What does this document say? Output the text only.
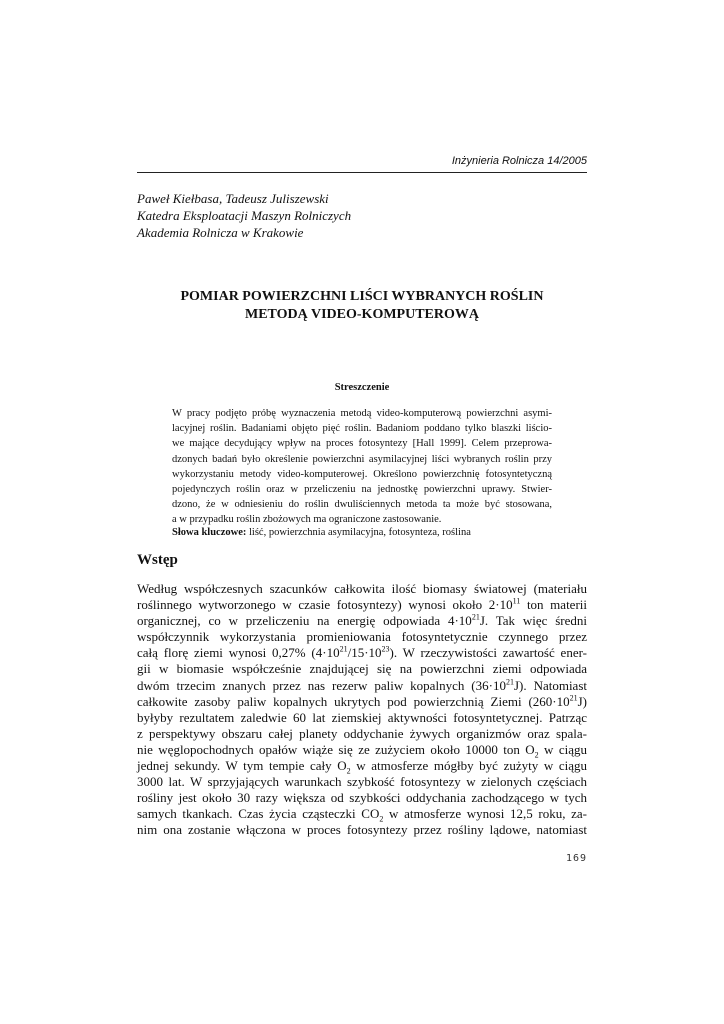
Inżynieria Rolnicza 14/2005
Paweł Kiełbasa, Tadeusz Juliszewski
Katedra Eksploatacji Maszyn Rolniczych
Akademia Rolnicza w Krakowie
POMIAR POWIERZCHNI LIŚCI WYBRANYCH ROŚLIN
METODĄ VIDEO-KOMPUTEROWĄ
Streszczenie
W pracy podjęto próbę wyznaczenia metodą video-komputerową powierzchni asymi-
lacyjnej roślin. Badaniami objęto pięć roślin. Badaniom poddano tylko blaszki liścio-
we mające decydujący wpływ na proces fotosyntezy [Hall 1999]. Celem przeprowa-
dzonych badań było określenie powierzchni asymilacyjnej liści wybranych roślin przy
wykorzystaniu metody video-komputerowej. Określono powierzchnię fotosyntetyczną
pojedynczych roślin oraz w przeliczeniu na jednostkę powierzchni uprawy. Stwier-
dzono, że w odniesieniu do roślin dwuliściennych metoda ta może być stosowana,
a w przypadku roślin zbożowych ma ograniczone zastosowanie.
Słowa kluczowe: liść, powierzchnia asymilacyjna, fotosynteza, roślina
Wstęp
Według współczesnych szacunków całkowita ilość biomasy światowej (materiału
roślinnego wytworzonego w czasie fotosyntezy) wynosi około $2\cdot 10^{11}$ ton materii
organicznej, co w przeliczeniu na energię odpowiada $4\cdot 10^{21}J$. Tak więc średni
współczynnik wykorzystania promieniowania fotosyntetycznie czynnego przez
całą florę ziemi wynosi 0,27% $(4\cdot 10^{21}/15\cdot 10^{23})$. W rzeczywistości zawartość ener-
gii w biomasie współcześnie znajdującej się na powierzchni ziemi odpowiada
dwóm trzecim znanych przez nas rezerw paliw kopalnych $(36\cdot 10^{21}J)$. Natomiast
całkowite zasoby paliw kopalnych ukrytych pod powierzchnią Ziemi $(260\cdot 10^{21}J)$
byłyby rezultatem zaledwie 60 lat ziemskiej aktywności fotosyntetycznej. Patrząc
z perspektywy obszaru całej planety oddychanie żywych organizmów oraz spala-
nie węglopochodnych opałów wiąże się ze zużyciem około 10000 ton $O_2$ w ciągu
jednej sekundy. W tym tempie cały $O_2$ w atmosferze mógłby być zużyty w ciągu
3000 lat. W sprzyjających warunkach szybkość fotosyntezy w zielonych częściach
rośliny jest około 30 razy większa od szybkości oddychania zachodzącego w tych
samych tkankach. Czas życia cząsteczki $CO_2$ w atmosferze wynosi 12,5 roku, za-
nim ona zostanie włączona w proces fotosyntezy przez rośliny lądowe, natomiast
169
